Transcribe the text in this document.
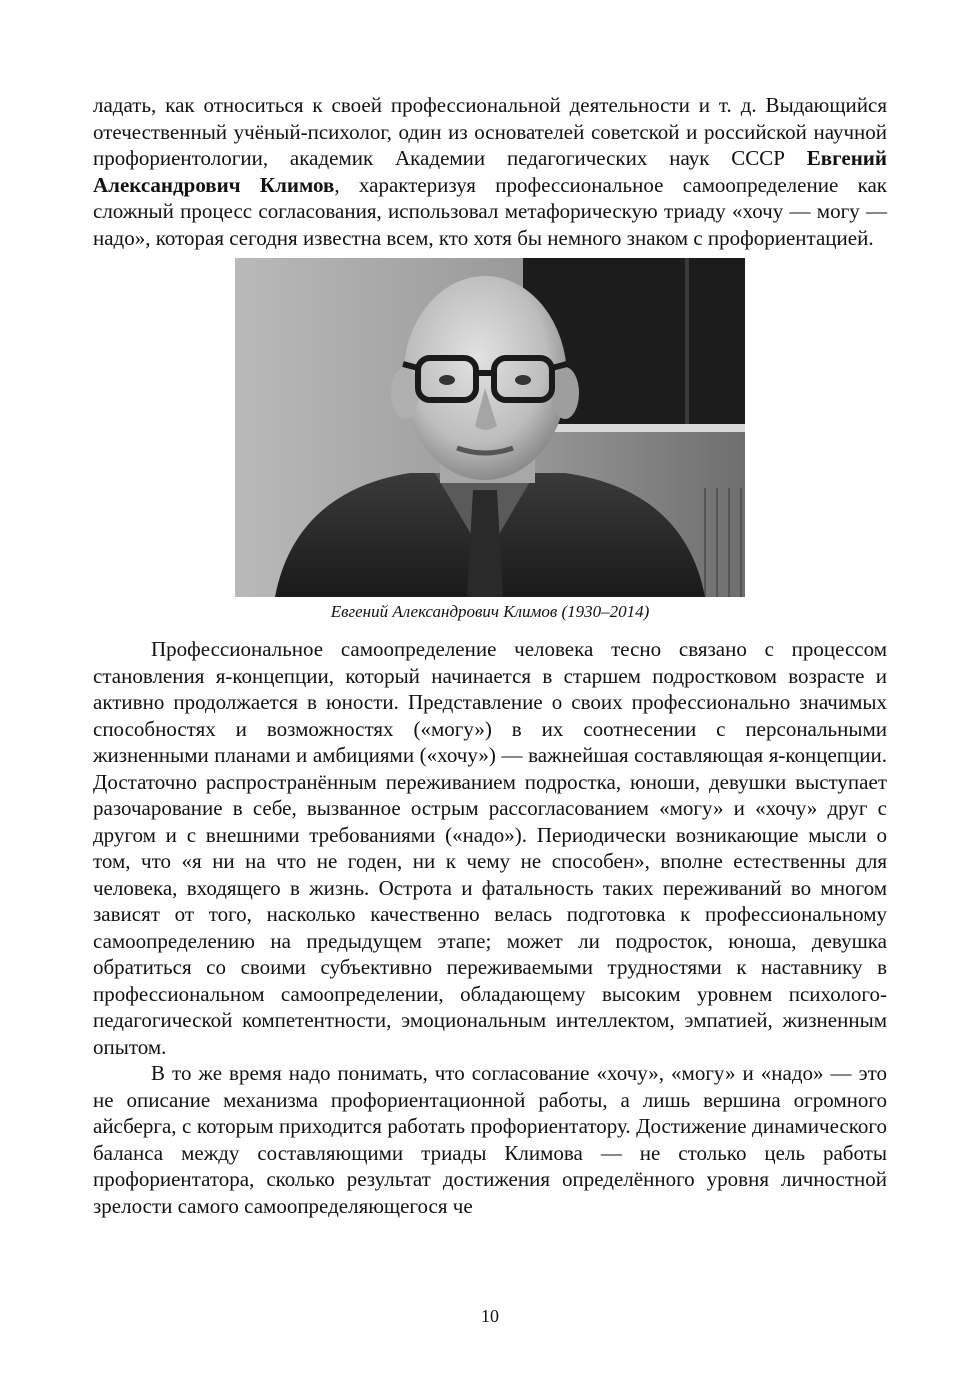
ладать, как относиться к своей профессиональной деятельности и т. д. Выдающийся отечественный учёный-психолог, один из основателей советской и российской научной профориентологии, академик Академии педагогических наук СССР Евгений Александрович Климов, характеризуя профессиональное самоопределение как сложный процесс согласования, использовал метафорическую триаду «хочу — могу — надо», которая сегодня известна всем, кто хотя бы немного знаком с профориентацией.

Евгений Александрович Климов (1930–2014)

Профессиональное самоопределение человека тесно связано с процессом становления я-концепции, который начинается в старшем подростковом возрасте и активно продолжается в юности. Представление о своих профессионально значимых способностях и возможностях («могу») в их соотнесении с персональными жизненными планами и амбициями («хочу») — важнейшая составляющая я-концепции. Достаточно распространённым переживанием подростка, юноши, девушки выступает разочарование в себе, вызванное острым рассогласованием «могу» и «хочу» друг с другом и с внешними требованиями («надо»). Периодически возникающие мысли о том, что «я ни на что не годен, ни к чему не способен», вполне естественны для человека, входящего в жизнь. Острота и фатальность таких переживаний во многом зависят от того, насколько качественно велась подготовка к профессиональному самоопределению на предыдущем этапе; может ли подросток, юноша, девушка обратиться со своими субъективно переживаемыми трудностями к наставнику в профессиональном самоопределении, обладающему высоким уровнем психолого-педагогической компетентности, эмоциональным интеллектом, эмпатией, жизненным опытом.

В то же время надо понимать, что согласование «хочу», «могу» и «надо» — это не описание механизма профориентационной работы, а лишь вершина огромного айсберга, с которым приходится работать профориентатору. Достижение динамического баланса между составляющими триады Климова — не столько цель работы профориентатора, сколько результат достижения определённого уровня личностной зрелости самого самоопределяющегося че

10
